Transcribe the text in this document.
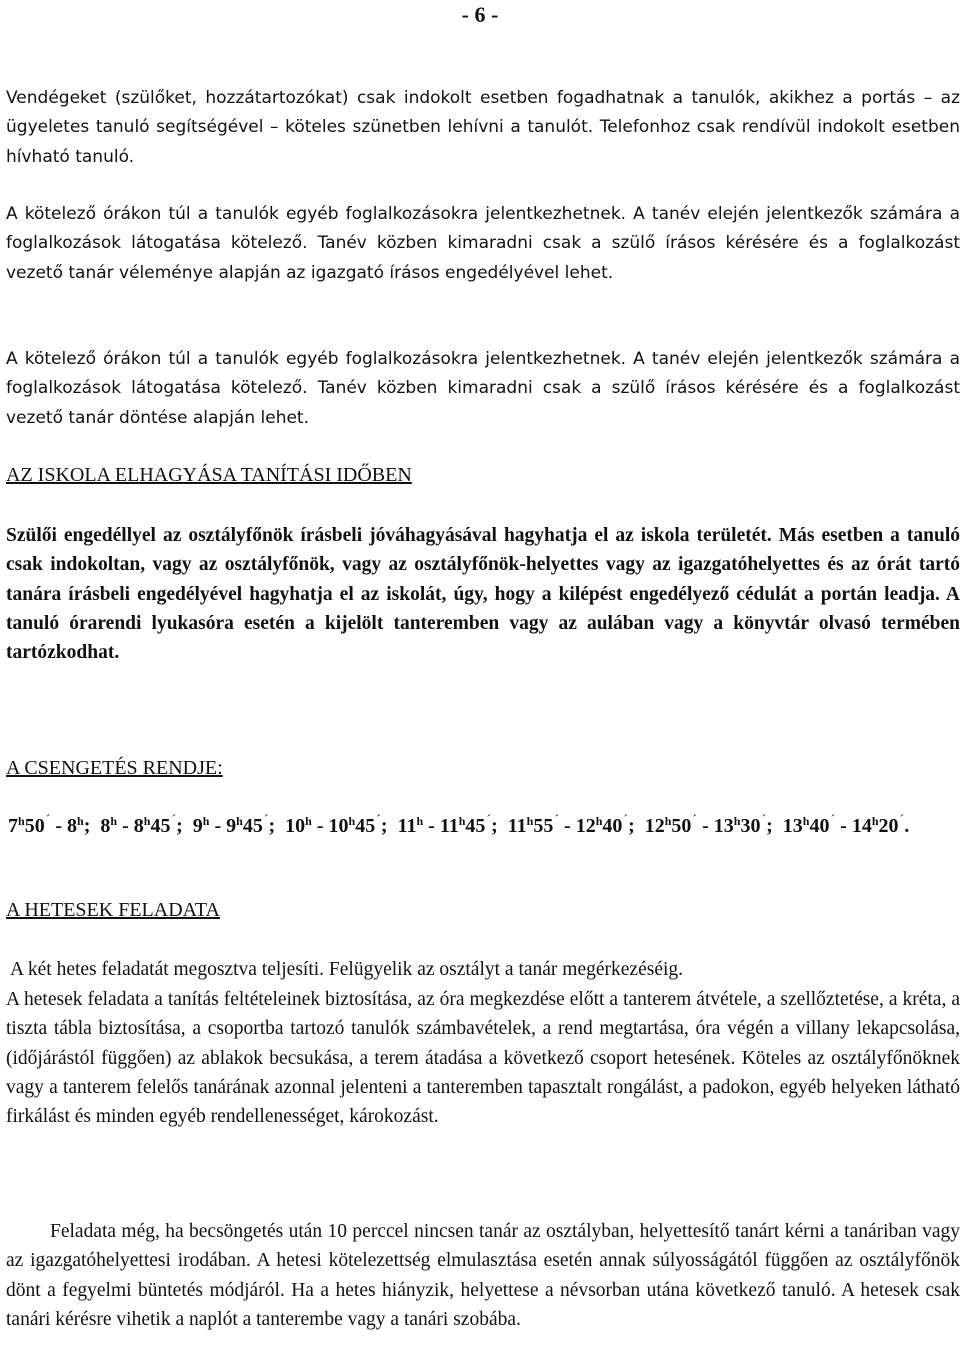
- 6 -

Vendégeket (szülőket, hozzátartozókat) csak indokolt esetben fogadhatnak a tanulók, akikhez a portás – az ügyeletes tanuló segítségével – köteles szünetben lehívni a tanulót. Telefonhoz csak rendívül indokolt esetben hívható tanuló.

A kötelező órákon túl a tanulók egyéb foglalkozásokra jelentkezhetnek. A tanév elején jelentkezők számára a foglalkozások látogatása kötelező. Tanév közben kimaradni csak a szülő írásos kérésére és a foglalkozást vezető tanár véleménye alapján az igazgató írásos engedélyével lehet.

A kötelező órákon túl a tanulók egyéb foglalkozásokra jelentkezhetnek. A tanév elején jelentkezők számára a foglalkozások látogatása kötelező. Tanév közben kimaradni csak a szülő írásos kérésére és a foglalkozást vezető tanár döntése alapján lehet.

AZ ISKOLA ELHAGYÁSA TANÍTÁSI IDŐBEN

Szülői engedéllyel az osztályfőnök írásbeli jóváhagyásával hagyhatja el az iskola területét. Más esetben a tanuló csak indokoltan, vagy az osztályfőnök, vagy az osztályfőnök-helyettes vagy az igazgatóhelyettes és az órát tartó tanára írásbeli engedélyével hagyhatja el az iskolát, úgy, hogy a kilépést engedélyező cédulát a portán leadja. A tanuló órarendi lyukasóra esetén a kijelölt tanteremben vagy az aulában vagy a könyvtár olvasó termében tartózkodhat.

A CSENGETÉS RENDJE:
7$^h$50´ - 8$^h$; 8$^h$ - 8$^h$45´; 9$^h$ - 9$^h$45´; 10$^h$ - 10$^h$45´; 11$^h$ - 11$^h$45´; 11$^h$55´ - 12$^h$40´; 12$^h$50´ - 13$^h$30´; 13$^h$40´ - 14$^h$20´.
A HETESEK FELADATA

A két hetes feladatát megosztva teljesíti. Felügyelik az osztályt a tanár megérkezéséig.

A hetesek feladata a tanítás feltételeinek biztosítása, az óra megkezdése előtt a tanterem átvétele, a szellőztetése, a kréta, a tiszta tábla biztosítása, a csoportba tartozó tanulók számbavételek, a rend megtartása, óra végén a villany lekapcsolása, (időjárástól függően) az ablakok becsukása, a terem átadása a következő csoport hetesének. Köteles az osztályfőnöknek vagy a tanterem felelős tanárának azonnal jelenteni a tanteremben tapasztalt rongálást, a padokon, egyéb helyeken látható firkálást és minden egyéb rendellenességet, károkozást.

Feladata még, ha becsöngetés után 10 perccel nincsen tanár az osztályban, helyettesítő tanárt kérni a tanáriban vagy az igazgatóhelyettesi irodában. A hetesi kötelezettség elmulasztása esetén annak súlyosságától függően az osztályfőnök dönt a fegyelmi büntetés módjáról. Ha a hetes hiányzik, helyettese a névsorban utána következő tanuló. A hetesek csak tanári kérésre vihetik a naplót a tanterembe vagy a tanári szobába.
